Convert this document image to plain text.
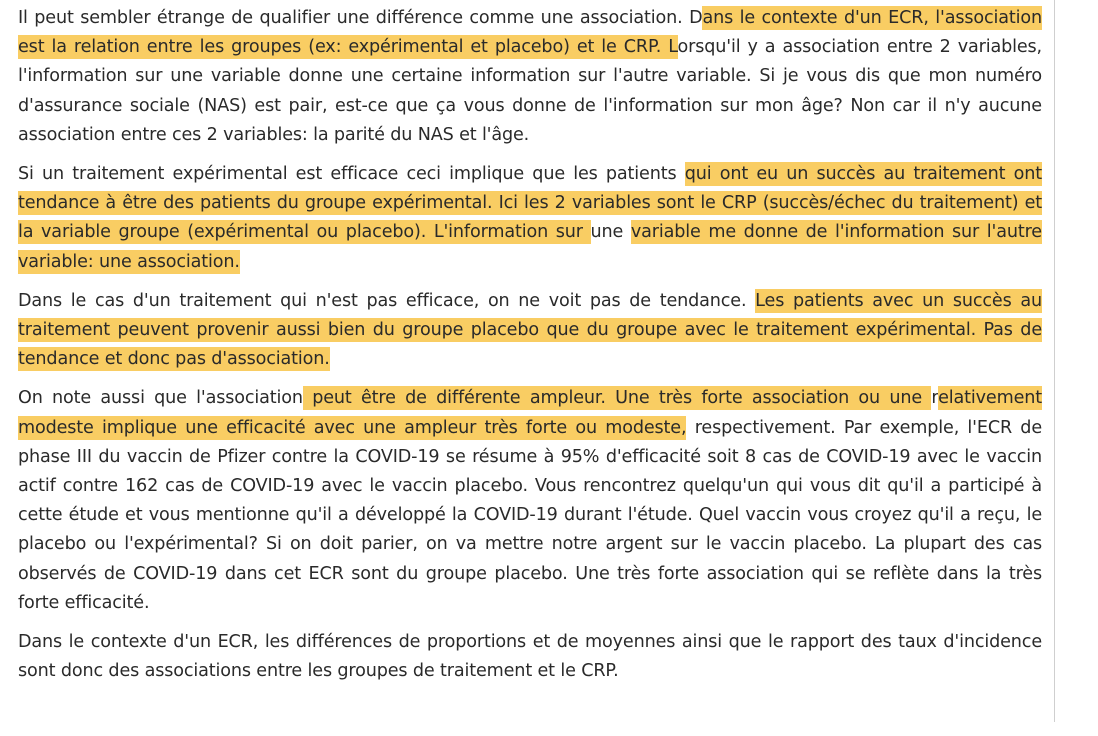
Il peut sembler étrange de qualifier une différence comme une association. Dans le contexte d'un ECR, l'association est la relation entre les groupes (ex: expérimental et placebo) et le CRP. Lorsqu'il y a association entre 2 variables, l'information sur une variable donne une certaine information sur l'autre variable. Si je vous dis que mon numéro d'assurance sociale (NAS) est pair, est-ce que ça vous donne de l'information sur mon âge? Non car il n'y aucune association entre ces 2 variables: la parité du NAS et l'âge.

Si un traitement expérimental est efficace ceci implique que les patients qui ont eu un succès au traitement ont tendance à être des patients du groupe expérimental. Ici les 2 variables sont le CRP (succès/échec du traitement) et la variable groupe (expérimental ou placebo). L'information sur une variable me donne de l'information sur l'autre variable: une association.

Dans le cas d'un traitement qui n'est pas efficace, on ne voit pas de tendance. Les patients avec un succès au traitement peuvent provenir aussi bien du groupe placebo que du groupe avec le traitement expérimental. Pas de tendance et donc pas d'association.

On note aussi que l'association peut être de différente ampleur. Une très forte association ou une relativement modeste implique une efficacité avec une ampleur très forte ou modeste, respectivement. Par exemple, l'ECR de phase III du vaccin de Pfizer contre la COVID-19 se résume à 95% d'efficacité soit 8 cas de COVID-19 avec le vaccin actif contre 162 cas de COVID-19 avec le vaccin placebo. Vous rencontrez quelqu'un qui vous dit qu'il a participé à cette étude et vous mentionne qu'il a développé la COVID-19 durant l'étude. Quel vaccin vous croyez qu'il a reçu, le placebo ou l'expérimental? Si on doit parier, on va mettre notre argent sur le vaccin placebo. La plupart des cas observés de COVID-19 dans cet ECR sont du groupe placebo. Une très forte association qui se reflète dans la très forte efficacité.

Dans le contexte d'un ECR, les différences de proportions et de moyennes ainsi que le rapport des taux d'incidence sont donc des associations entre les groupes de traitement et le CRP.
